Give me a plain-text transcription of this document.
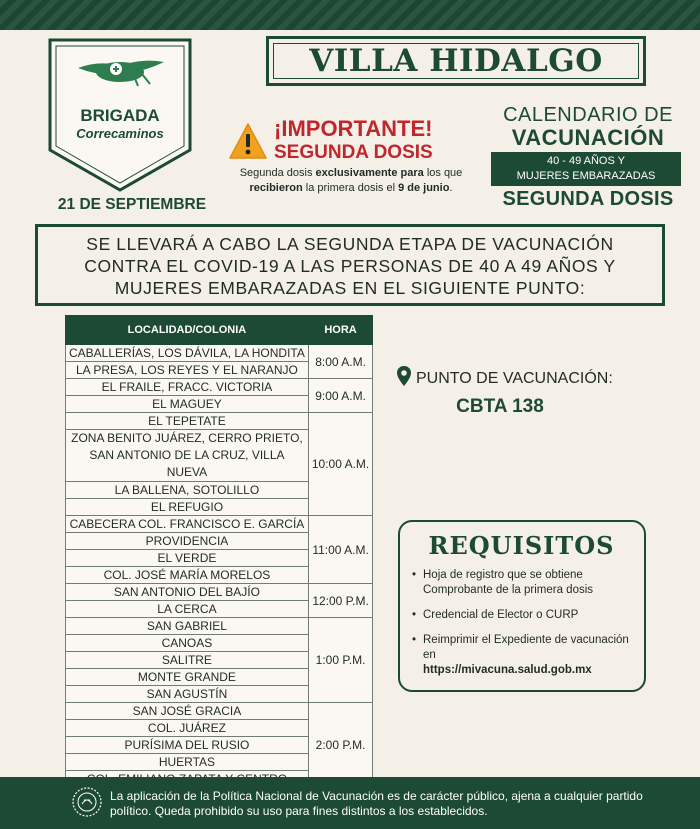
BRIGADA
Correcaminos
21 DE SEPTIEMBRE
VILLA HIDALGO
¡IMPORTANTE!
SEGUNDA DOSIS
Segunda dosis exclusivamente para los que
recibieron la primera dosis el 9 de junio.
CALENDARIO DE
VACUNACIÓN
40 - 49 AÑOS Y
MUJERES EMBARAZADAS
SEGUNDA DOSIS
SE LLEVARÁ A CABO LA SEGUNDA ETAPA DE VACUNACIÓN CONTRA EL COVID-19 A LAS PERSONAS DE 40 A 49 AÑOS Y MUJERES EMBARAZADAS EN EL SIGUIENTE PUNTO:
LOCALIDAD/COLONIA	HORA
CABALLERÍAS, LOS DÁVILA, LA HONDITA	8:00 A.M.
LA PRESA, LOS REYES Y EL NARANJO	
EL FRAILE, FRACC. VICTORIA	9:00 A.M.
EL MAGUEY	
EL TEPETATE	10:00 A.M.
ZONA BENITO JUÁREZ, CERRO PRIETO, SAN ANTONIO DE LA CRUZ, VILLA NUEVA	
LA BALLENA, SOTOLILLO	
EL REFUGIO	
CABECERA COL. FRANCISCO E. GARCÍA	11:00 A.M.
PROVIDENCIA	
EL VERDE	
COL. JOSÉ MARÍA MORELOS	
SAN ANTONIO DEL BAJÍO	12:00 P.M.
LA CERCA	
SAN GABRIEL	1:00 P.M.
CANOAS	
SALITRE	
MONTE GRANDE	
SAN AGUSTÍN	
SAN JOSÉ GRACIA	2:00 P.M.
COL. JUÁREZ	
PURÍSIMA DEL RUSIO	
HUERTAS	

PUNTO DE VACUNACIÓN:
CBTA 138
REQUISITOS
• Hoja de registro que se obtiene Comprobante de la primera dosis
• Credencial de Elector o CURP
• Reimprimir el Expediente de vacunación en
https://mivacuna.salud.gob.mx
La aplicación de la Política Nacional de Vacunación es de carácter público, ajena a cualquier partido político. Queda prohibido su uso para fines distintos a los establecidos.
